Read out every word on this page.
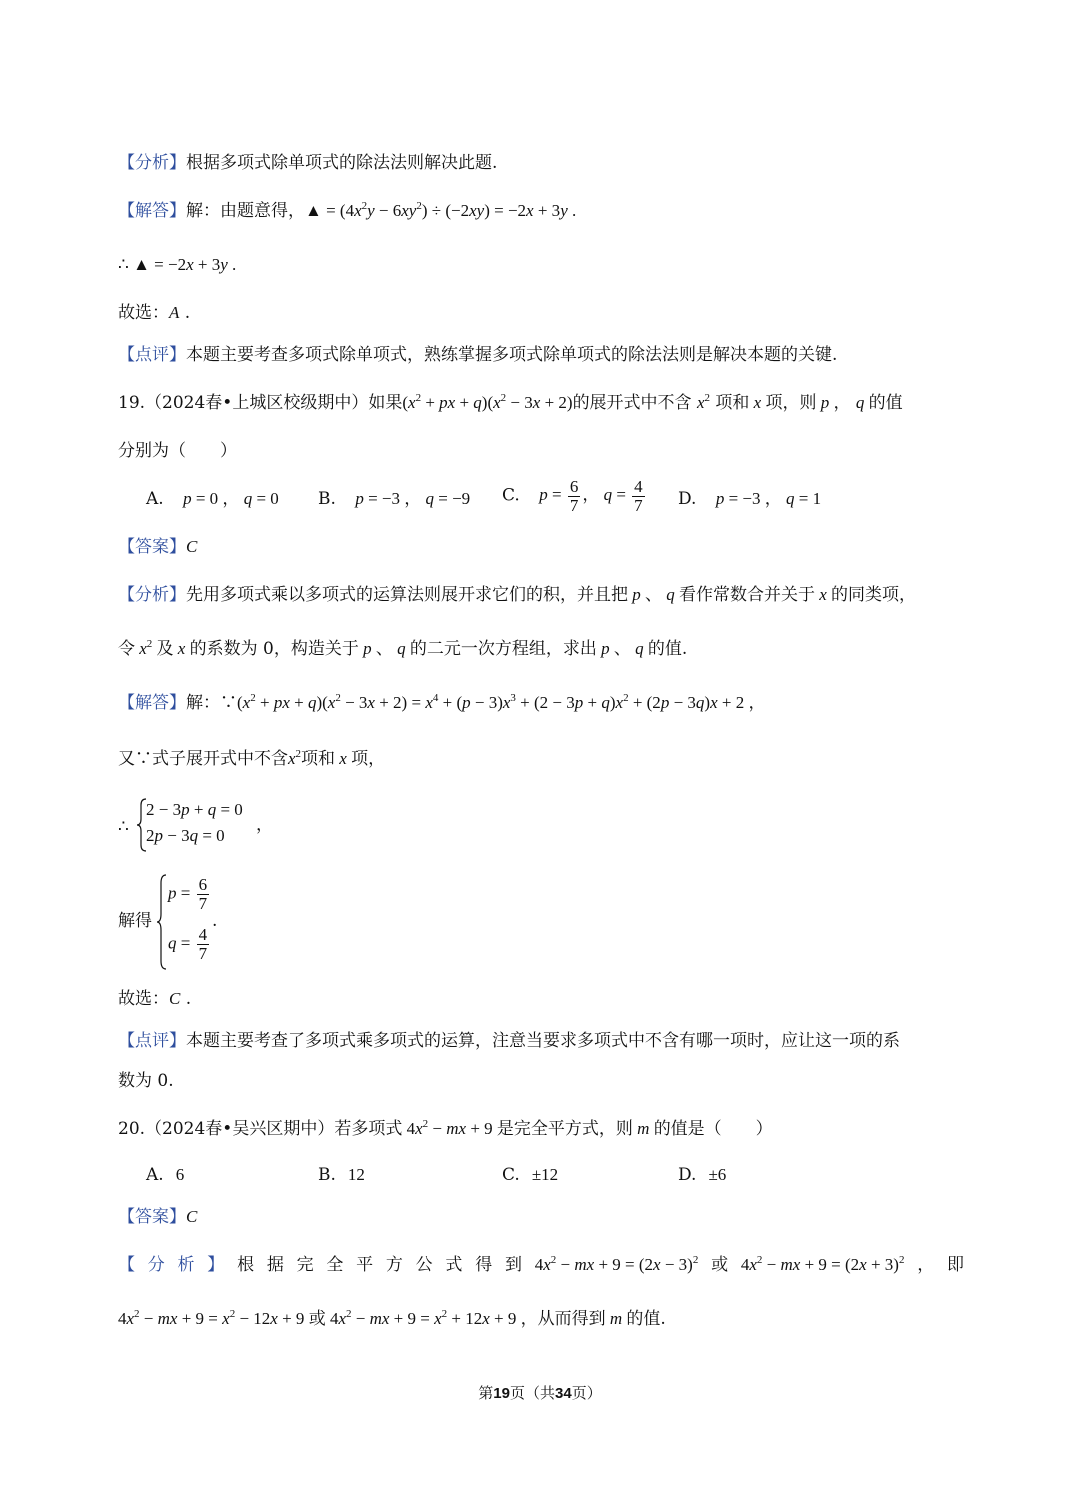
【分析】根据多项式除单项式的除法法则解决此题.
【解答】解：由题意得，▲ = $(4x^2y - 6xy^2) \div (-2xy) = -2x + 3y$ .
∴ ▲ = −2x + 3y .
故选：A .
【点评】本题主要考查多项式除单项式，熟练掌握多项式除单项式的除法法则是解决本题的关键.
19.（2024春•上城区校级期中）如果($x^2$ + px + $q)(x^2 - 3x + 2)$的展开式中不含 $x^2$ 项和 x 项，则 p ， q 的值
分别为（　　）
A. p = 0 ， q = 0 B. p = −3 ， q = −9 C. $p = \frac{6}{7}$ ， $q = \frac{4}{7} D$. p = −3 ， q = 1
【答案】C
【分析】先用多项式乘以多项式的运算法则展开求它们的积，并且把 p 、 q 看作常数合并关于 x 的同类项，
令 $x^2$ 及 x 的系数为 0，构造关于 p 、 q 的二元一次方程组，求出 p 、 q 的值.
【解答】解：$\because(x^2$ + px + $q)(x^2 - 3x + 2) = x^4 + (p - 3)x^3 + (2 - 3p + q)x^2 + (2p - 3q)x + 2$ ，
又∵式子展开式中不含$x^2$项和 x 项，
∴
2 − 3p + q = 0
2p − 3q = 0
，
解得
$p = \frac{6}{7}$
$q = \frac{4}{7}$
.
故选：C .
【点评】本题主要考查了多项式乘多项式的运算，注意当要求多项式中不含有哪一项时，应让这一项的系
数为 0.
20.（2024春•吴兴区期中）若多项式 $4x^2$ − mx + 9 是完全平方式，则 m 的值是（　　）
A. 6	B. 12	C. ±12	D. ±6
【答案】C
【 分 析 】 根 据 完 全 平 方 公 式 得 到 $4x^2$ − mx + $9 = (2x - 3)^2$ 或 $4x^2$ − mx + $9 = (2x + 3)^2$ ， 即
$4x^2$ − mx + $9 = x^2 - 12x + 9$ 或 $4x^2$ − mx + $9 = x^2 + 12x + 9$ ，从而得到 m 的值.
第19页（共34页）
